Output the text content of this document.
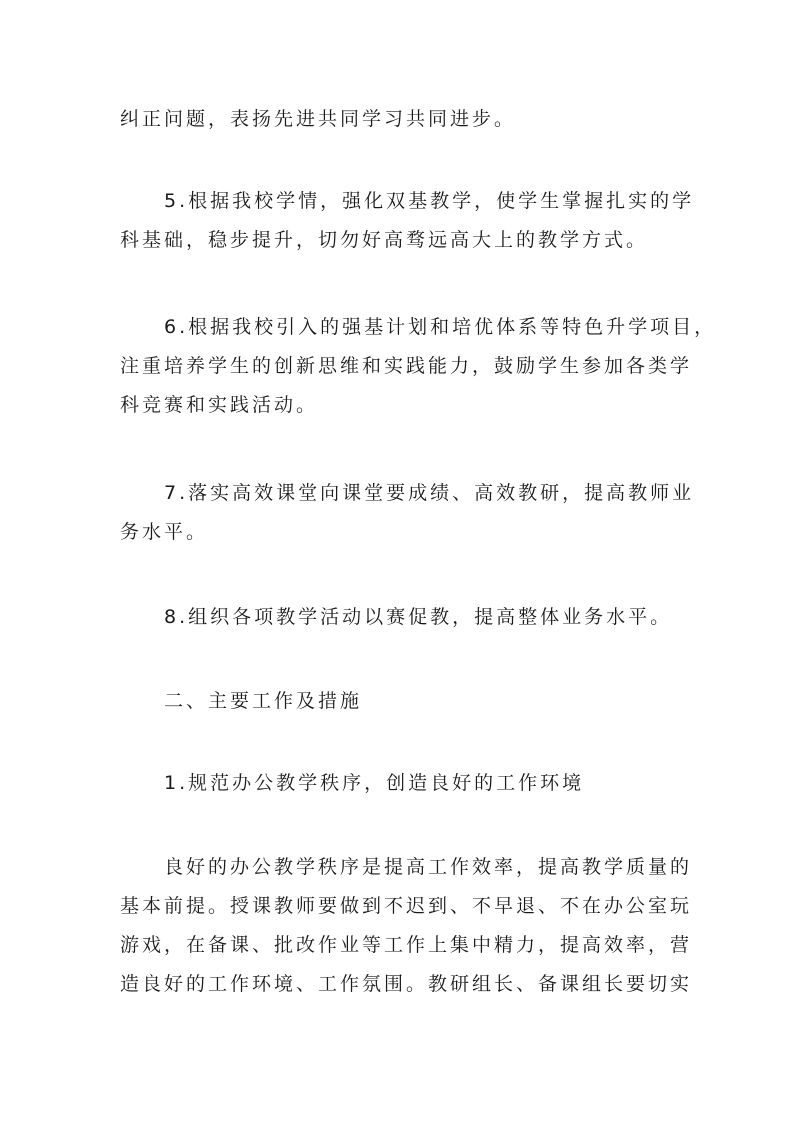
纠正问题，表扬先进共同学习共同进步。
5.根据我校学情，强化双基教学，使学生掌握扎实的学
科基础，稳步提升，切勿好高骛远高大上的教学方式。
6.根据我校引入的强基计划和培优体系等特色升学项目，
注重培养学生的创新思维和实践能力，鼓励学生参加各类学
科竞赛和实践活动。
7.落实高效课堂向课堂要成绩、高效教研，提高教师业
务水平。
8.组织各项教学活动以赛促教，提高整体业务水平。
二、主要工作及措施
1.规范办公教学秩序，创造良好的工作环境
良好的办公教学秩序是提高工作效率，提高教学质量的
基本前提。授课教师要做到不迟到、不早退、不在办公室玩
游戏，在备课、批改作业等工作上集中精力，提高效率，营
造良好的工作环境、工作氛围。教研组长、备课组长要切实
